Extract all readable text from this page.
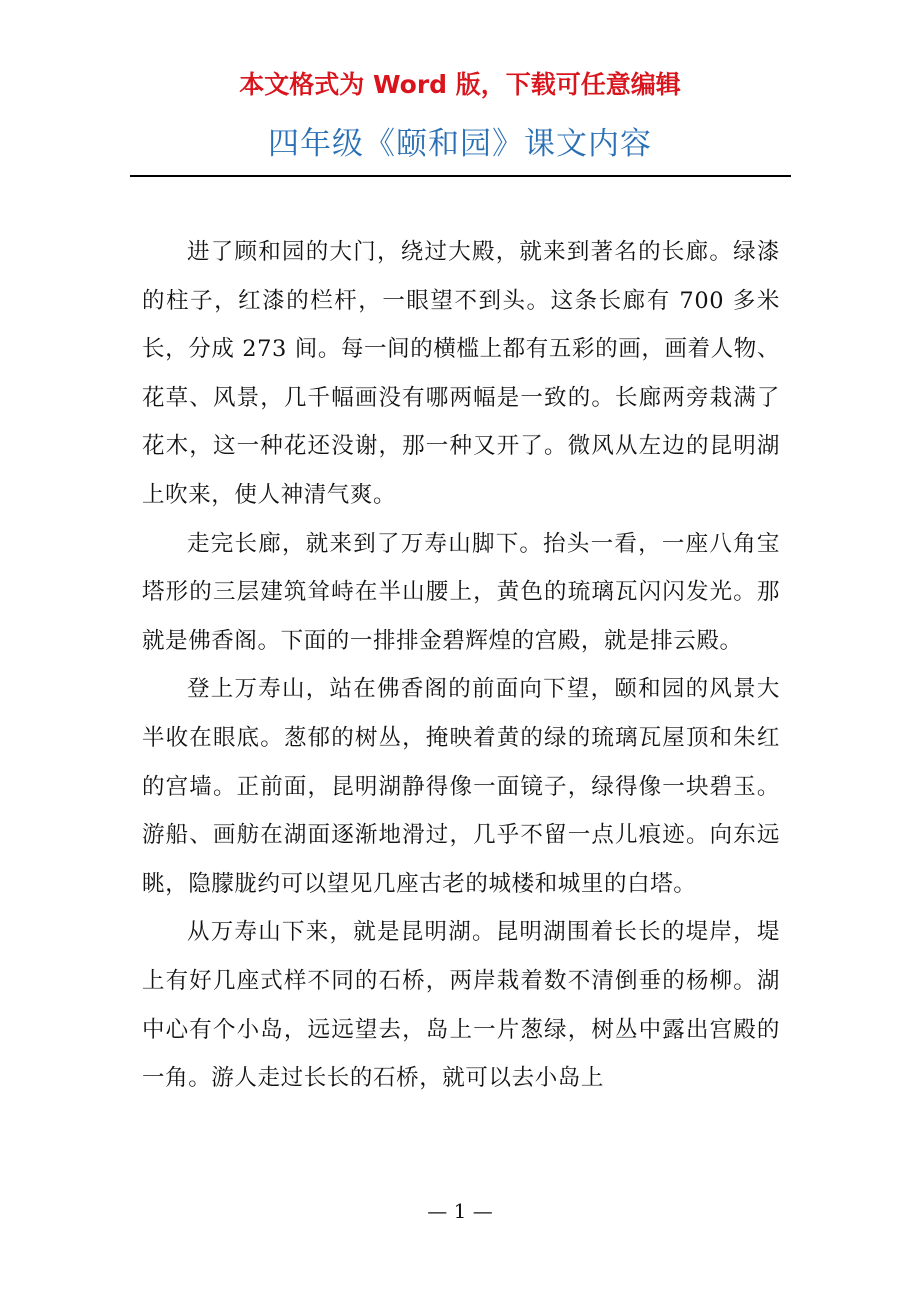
本文格式为 Word 版，下载可任意编辑
四年级《颐和园》课文内容

进了顾和园的大门，绕过大殿，就来到著名的长廊。绿漆的柱子，红漆的栏杆，一眼望不到头。这条长廊有 700 多米长，分成 273 间。每一间的横槛上都有五彩的画，画着人物、花草、风景，几千幅画没有哪两幅是一致的。长廊两旁栽满了花木，这一种花还没谢，那一种又开了。微风从左边的昆明湖上吹来，使人神清气爽。

走完长廊，就来到了万寿山脚下。抬头一看，一座八角宝塔形的三层建筑耸峙在半山腰上，黄色的琉璃瓦闪闪发光。那就是佛香阁。下面的一排排金碧辉煌的宫殿，就是排云殿。

登上万寿山，站在佛香阁的前面向下望，颐和园的风景大半收在眼底。葱郁的树丛，掩映着黄的绿的琉璃瓦屋顶和朱红的宫墙。正前面，昆明湖静得像一面镜子，绿得像一块碧玉。游船、画舫在湖面逐渐地滑过，几乎不留一点儿痕迹。向东远眺，隐朦胧约可以望见几座古老的城楼和城里的白塔。

从万寿山下来，就是昆明湖。昆明湖围着长长的堤岸，堤上有好几座式样不同的石桥，两岸栽着数不清倒垂的杨柳。湖中心有个小岛，远远望去，岛上一片葱绿，树丛中露出宫殿的一角。游人走过长长的石桥，就可以去小岛上

— 1 —
